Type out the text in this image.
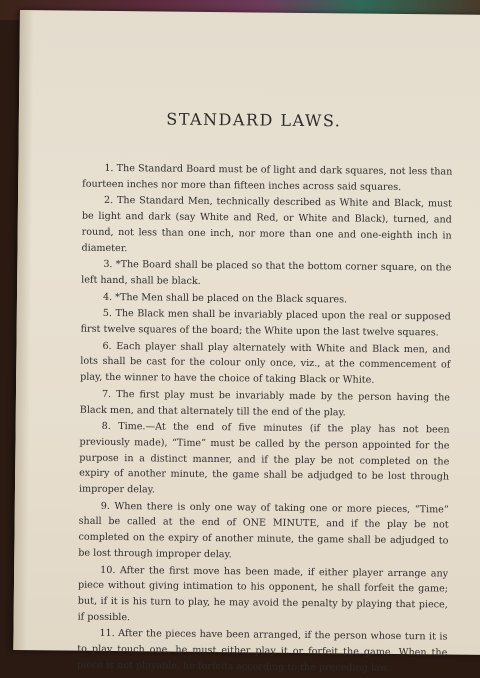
STANDARD LAWS.

1. The Standard Board must be of light and dark squares, not less than fourteen inches nor more than fifteen inches across said squares.

2. The Standard Men, technically described as White and Black, must be light and dark (say White and Red, or White and Black), turned, and round, not less than one inch, nor more than one and one-eighth inch in diameter.

3. *The Board shall be placed so that the bottom corner square, on the left hand, shall be black.

4. *The Men shall be placed on the Black squares.

5. The Black men shall be invariably placed upon the real or supposed first twelve squares of the board; the White upon the last twelve squares.

6. Each player shall play alternately with White and Black men, and lots shall be cast for the colour only once, viz., at the commencement of play, the winner to have the choice of taking Black or White.

7. The first play must be invariably made by the person having the Black men, and that alternately till the end of the play.

8. Time.—At the end of five minutes (if the play has not been previously made), “Time” must be called by the person appointed for the purpose in a distinct manner, and if the play be not completed on the expiry of another minute, the game shall be adjudged to be lost through improper delay.

9. When there is only one way of taking one or more pieces, “Time” shall be called at the end of ONE MINUTE, and if the play be not completed on the expiry of another minute, the game shall be adjudged to be lost through improper delay.

10. After the first move has been made, if either player arrange any piece without giving intimation to his opponent, he shall forfeit the game; but, if it is his turn to play, he may avoid the penalty by playing that piece, if possible.

11. After the pieces have been arranged, if the person whose turn it is to play touch one, he must either play it or forfeit the game. When the piece is not playable, he forfeits according to the preceding law.
